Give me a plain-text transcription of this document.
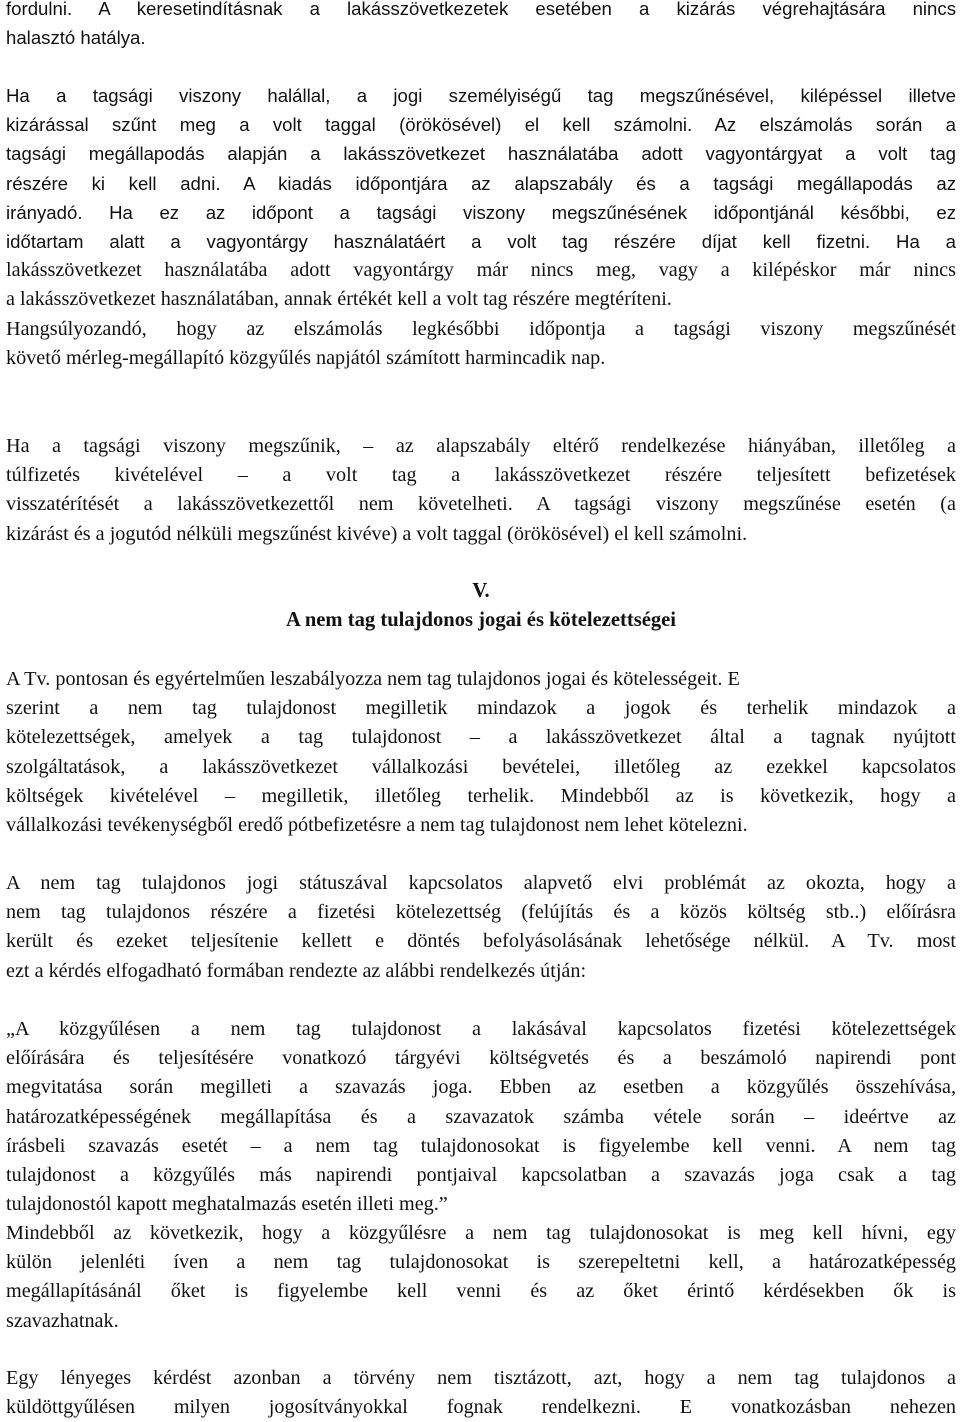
fordulni. A keresetindításnak a lakásszövetkezetek esetében a kizárás végrehajtására nincs
halasztó hatálya.
Ha a tagsági viszony halállal, a jogi személyiségű tag megszűnésével, kilépéssel illetve
kizárással szűnt meg a volt taggal (örökösével) el kell számolni. Az elszámolás során a
tagsági megállapodás alapján a lakásszövetkezet használatába adott vagyontárgyat a volt tag
részére ki kell adni. A kiadás időpontjára az alapszabály és a tagsági megállapodás az
irányadó. Ha ez az időpont a tagsági viszony megszűnésének időpontjánál későbbi, ez
időtartam alatt a vagyontárgy használatáért a volt tag részére díjat kell fizetni. Ha a
lakásszövetkezet használatába adott vagyontárgy már nincs meg, vagy a kilépéskor már nincs
a lakásszövetkezet használatában, annak értékét kell a volt tag részére megtéríteni.
Hangsúlyozandó, hogy az elszámolás legkésőbbi időpontja a tagsági viszony megszűnését
követő mérleg-megállapító közgyűlés napjától számított harmincadik nap.
Ha a tagsági viszony megszűnik, – az alapszabály eltérő rendelkezése hiányában, illetőleg a
túlfizetés kivételével – a volt tag a lakásszövetkezet részére teljesített befizetések
visszatérítését a lakásszövetkezettől nem követelheti. A tagsági viszony megszűnése esetén (a
kizárást és a jogutód nélküli megszűnést kivéve) a volt taggal (örökösével) el kell számolni.
V.
A nem tag tulajdonos jogai és kötelezettségei
A Tv. pontosan és egyértelműen leszabályozza nem tag tulajdonos jogai és kötelességeit. E
szerint a nem tag tulajdonost megilletik mindazok a jogok és terhelik mindazok a
kötelezettségek, amelyek a tag tulajdonost – a lakásszövetkezet által a tagnak nyújtott
szolgáltatások, a lakásszövetkezet vállalkozási bevételei, illetőleg az ezekkel kapcsolatos
költségek kivételével – megilletik, illetőleg terhelik. Mindebből az is következik, hogy a
vállalkozási tevékenységből eredő pótbefizetésre a nem tag tulajdonost nem lehet kötelezni.
A nem tag tulajdonos jogi státuszával kapcsolatos alapvető elvi problémát az okozta, hogy a
nem tag tulajdonos részére a fizetési kötelezettség (felújítás és a közös költség stb..) előírásra
került és ezeket teljesítenie kellett e döntés befolyásolásának lehetősége nélkül. A Tv. most
ezt a kérdés elfogadható formában rendezte az alábbi rendelkezés útján:
„A közgyűlésen a nem tag tulajdonost a lakásával kapcsolatos fizetési kötelezettségek
előírására és teljesítésére vonatkozó tárgyévi költségvetés és a beszámoló napirendi pont
megvitatása során megilleti a szavazás joga. Ebben az esetben a közgyűlés összehívása,
határozatképességének megállapítása és a szavazatok számba vétele során – ideértve az
írásbeli szavazás esetét – a nem tag tulajdonosokat is figyelembe kell venni. A nem tag
tulajdonost a közgyűlés más napirendi pontjaival kapcsolatban a szavazás joga csak a tag
tulajdonostól kapott meghatalmazás esetén illeti meg.”
Mindebből az következik, hogy a közgyűlésre a nem tag tulajdonosokat is meg kell hívni, egy
külön jelenléti íven a nem tag tulajdonosokat is szerepeltetni kell, a határozatképesség
megállapításánál őket is figyelembe kell venni és az őket érintő kérdésekben ők is
szavazhatnak.
Egy lényeges kérdést azonban a törvény nem tisztázott, azt, hogy a nem tag tulajdonos a
küldöttgyűlésen milyen jogosítványokkal fognak rendelkezni. E vonatkozásban nehezen
